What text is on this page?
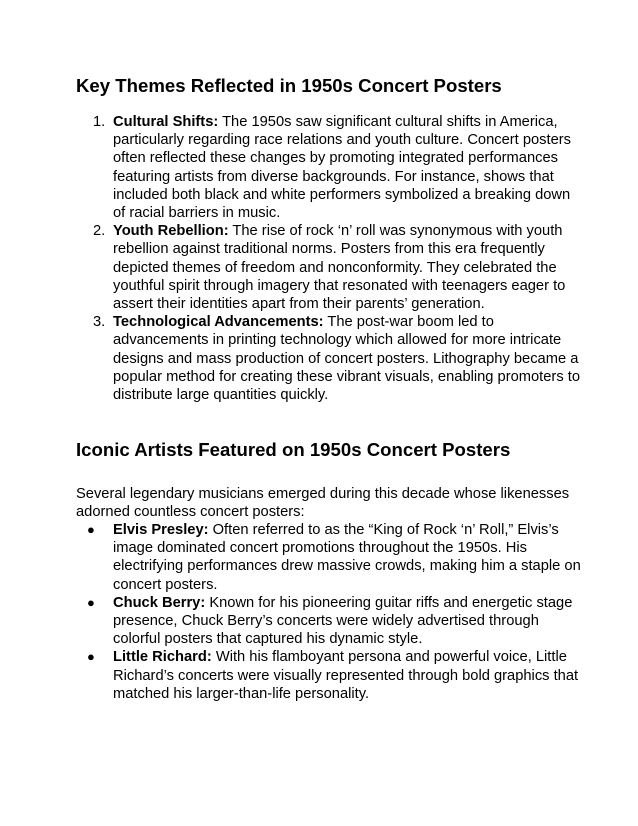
Key Themes Reflected in 1950s Concert Posters
1. Cultural Shifts: The 1950s saw significant cultural shifts in America, particularly regarding race relations and youth culture. Concert posters often reflected these changes by promoting integrated performances featuring artists from diverse backgrounds. For instance, shows that included both black and white performers symbolized a breaking down of racial barriers in music.
2. Youth Rebellion: The rise of rock ‘n’ roll was synonymous with youth rebellion against traditional norms. Posters from this era frequently depicted themes of freedom and nonconformity. They celebrated the youthful spirit through imagery that resonated with teenagers eager to assert their identities apart from their parents’ generation.
3. Technological Advancements: The post-war boom led to advancements in printing technology which allowed for more intricate designs and mass production of concert posters. Lithography became a popular method for creating these vibrant visuals, enabling promoters to distribute large quantities quickly.
Iconic Artists Featured on 1950s Concert Posters

Several legendary musicians emerged during this decade whose likenesses adorned countless concert posters:

● Elvis Presley: Often referred to as the “King of Rock ‘n’ Roll,” Elvis’s image dominated concert promotions throughout the 1950s. His electrifying performances drew massive crowds, making him a staple on concert posters.
● Chuck Berry: Known for his pioneering guitar riffs and energetic stage presence, Chuck Berry’s concerts were widely advertised through colorful posters that captured his dynamic style.
● Little Richard: With his flamboyant persona and powerful voice, Little Richard’s concerts were visually represented through bold graphics that matched his larger-than-life personality.
